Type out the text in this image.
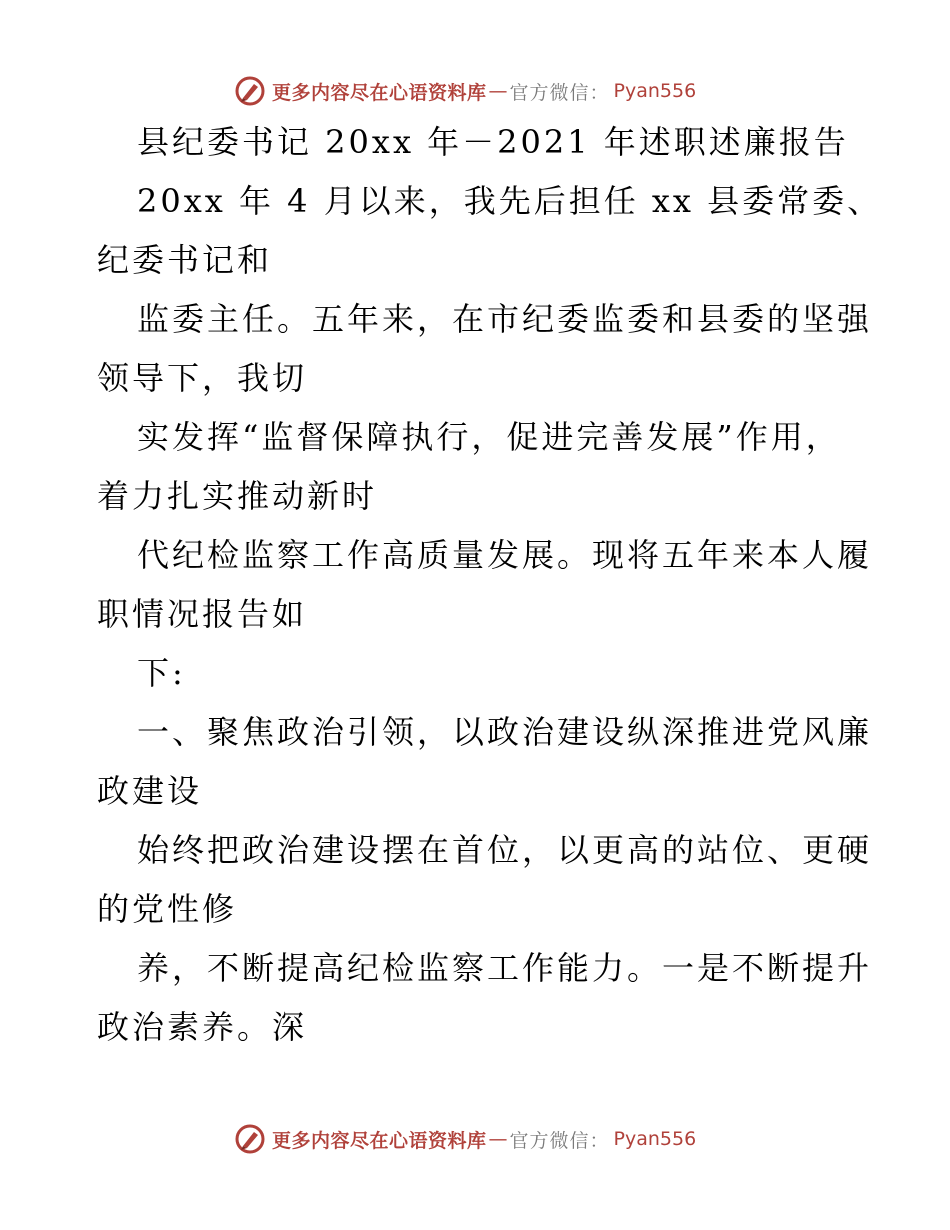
更多内容尽在心语资料库 — 官方微信： Pyan556
县纪委书记 20xx 年－2021 年述职述廉报告
20xx 年 4 月以来，我先后担任 xx 县委常委、
纪委书记和
监委主任。五年来，在市纪委监委和县委的坚强
领导下，我切
实发挥“监督保障执行，促进完善发展”作用，
着力扎实推动新时
代纪检监察工作高质量发展。现将五年来本人履
职情况报告如
下:
一、聚焦政治引领，以政治建设纵深推进党风廉
政建设
始终把政治建设摆在首位，以更高的站位、更硬
的党性修
养，不断提高纪检监察工作能力。一是不断提升
政治素养。深
更多内容尽在心语资料库 — 官方微信： Pyan556
